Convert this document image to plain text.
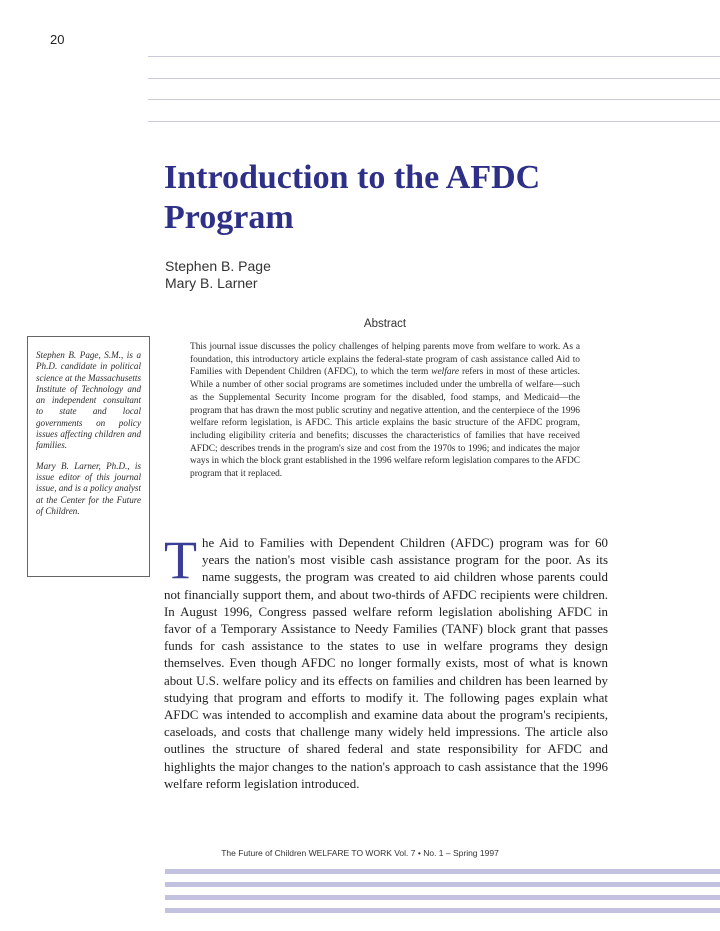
20
Introduction to the AFDC Program
Stephen B. Page
Mary B. Larner
Abstract
This journal issue discusses the policy challenges of helping parents move from welfare to work. As a foundation, this introductory article explains the federal-state program of cash assistance called Aid to Families with Dependent Children (AFDC), to which the term welfare refers in most of these articles. While a number of other social programs are sometimes included under the umbrella of welfare—such as the Supplemental Security Income program for the disabled, food stamps, and Medicaid—the program that has drawn the most public scrutiny and negative attention, and the centerpiece of the 1996 welfare reform legislation, is AFDC. This article explains the basic structure of the AFDC program, including eligibility criteria and benefits; discusses the characteristics of families that have received AFDC; describes trends in the program's size and cost from the 1970s to 1996; and indicates the major ways in which the block grant established in the 1996 welfare reform legislation compares to the AFDC program that it replaced.

Stephen B. Page, S.M., is a Ph.D. candidate in political science at the Massachusetts Institute of Technology and an independent consultant to state and local governments on policy issues affecting children and families.

Mary B. Larner, Ph.D., is issue editor of this journal issue, and is a policy analyst at the Center for the Future of Children.

T he Aid to Families with Dependent Children (AFDC) program was for 60 years the nation's most visible cash assistance program for the poor. As its name suggests, the program was created to aid children whose parents could not financially support them, and about two-thirds of AFDC recipients were children. In August 1996, Congress passed welfare reform legislation abolishing AFDC in favor of a Temporary Assistance to Needy Families (TANF) block grant that passes funds for cash assistance to the states to use in welfare programs they design themselves. Even though AFDC no longer formally exists, most of what is known about U.S. welfare policy and its effects on families and children has been learned by studying that program and efforts to modify it. The following pages explain what AFDC was intended to accomplish and examine data about the program's recipients, caseloads, and costs that challenge many widely held impressions. The article also outlines the structure of shared federal and state responsibility for AFDC and highlights the major changes to the nation's approach to cash assistance that the 1996 welfare reform legislation introduced.

The Future of Children WELFARE TO WORK Vol. 7 • No. 1 – Spring 1997
